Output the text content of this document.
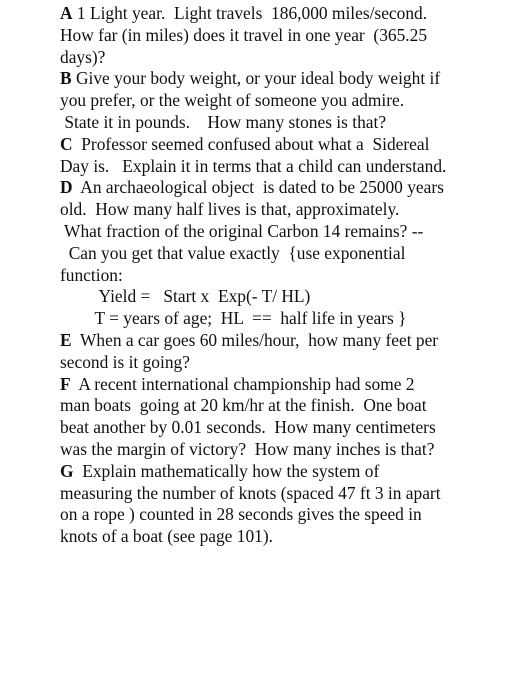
A 1 Light year.  Light travels  186,000 miles/second.
How far (in miles) does it travel in one year  (365.25
days)?
B Give your body weight, or your ideal body weight if
you prefer, or the weight of someone you admire.
State it in pounds.    How many stones is that?
C  Professor seemed confused about what a  Sidereal
Day is.   Explain it in terms that a child can understand.
D  An archaeological object  is dated to be 25000 years
old.  How many half lives is that, approximately.
What fraction of the original Carbon 14 remains? --
Can you get that value exactly  {use exponential
function:
Yield =   Start x  Exp(- T/ HL)
T = years of age;  HL  ==  half life in years }
E  When a car goes 60 miles/hour,  how many feet per
second is it going?
F  A recent international championship had some 2
man boats  going at 20 km/hr at the finish.  One boat
beat another by 0.01 seconds.  How many centimeters
was the margin of victory?  How many inches is that?
G  Explain mathematically how the system of
measuring the number of knots (spaced 47 ft 3 in apart
on a rope ) counted in 28 seconds gives the speed in
knots of a boat (see page 101).
